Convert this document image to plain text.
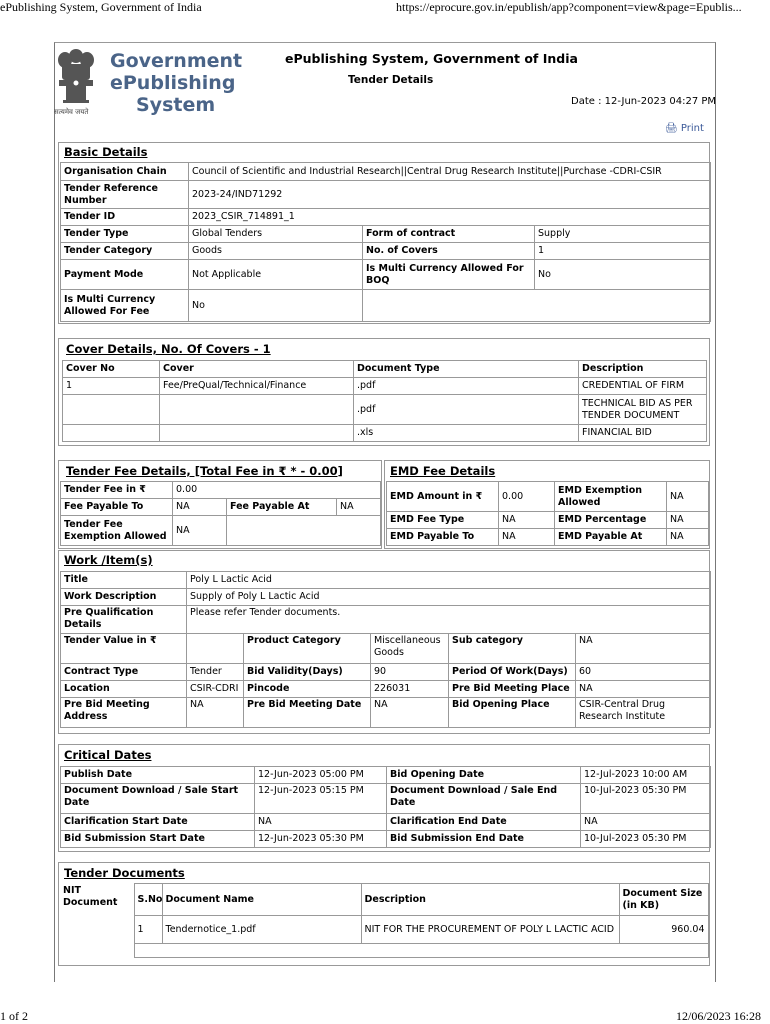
ePublishing System, Government of India	https://eprocure.gov.in/epublish/app?component=view&page=Epublis...
1 of 2	12/06/2023 16:28
सत्यमेव जयते
Government
ePublishing
System
ePublishing System, Government of India
Tender Details
Date : 12-Jun-2023 04:27 PM
🖨 Print
Basic Details
Organisation Chain	Council of Scientific and Industrial Research||Central Drug Research Institute||Purchase -CDRI-CSIR		
Tender Reference Number	2023-24/IND71292		
Tender ID	2023_CSIR_714891_1		
Tender Type	Global Tenders	Form of contract	Supply
Tender Category	Goods	No. of Covers	1
Payment Mode	Not Applicable	Is Multi Currency Allowed For BOQ	No
Is Multi Currency Allowed For Fee	No		
Cover Details, No. Of Covers - 1
Cover No	Cover	Document Type	Description
1	Fee/PreQual/Technical/Finance	.pdf	CREDENTIAL OF FIRM
		.pdf	TECHNICAL BID AS PER TENDER DOCUMENT
		.xls	FINANCIAL BID
Tender Fee Details, [Total Fee in ₹ * - 0.00]
Tender Fee in ₹	0.00		
Fee Payable To	NA	Fee Payable At	NA
Tender Fee Exemption Allowed	NA		
EMD Fee Details
EMD Amount in ₹	0.00	EMD Exemption Allowed	NA
EMD Fee Type	NA	EMD Percentage	NA
EMD Payable To	NA	EMD Payable At	NA
Work /Item(s)
Title	Poly L Lactic Acid				
Work Description	Supply of Poly L Lactic Acid				
Pre Qualification Details	Please refer Tender documents.				
Tender Value in ₹		Product Category	Miscellaneous Goods	Sub category	NA
Contract Type	Tender	Bid Validity(Days)	90	Period Of Work(Days)	60
Location	CSIR-CDRI	Pincode	226031	Pre Bid Meeting Place	NA
Pre Bid Meeting Address	NA	Pre Bid Meeting Date	NA	Bid Opening Place	CSIR-Central Drug Research Institute
Critical Dates
Publish Date	12-Jun-2023 05:00 PM	Bid Opening Date	12-Jul-2023 10:00 AM
Document Download / Sale Start Date	12-Jun-2023 05:15 PM	Document Download / Sale End Date	10-Jul-2023 05:30 PM
Clarification Start Date	NA	Clarification End Date	NA
Bid Submission Start Date	12-Jun-2023 05:30 PM	Bid Submission End Date	10-Jul-2023 05:30 PM
Tender Documents
NIT Document	S.No	Document Name	Description	Document Size (in KB)
	1	Tendernotice_1.pdf	NIT FOR THE PROCUREMENT OF POLY L LACTIC ACID	960.04
